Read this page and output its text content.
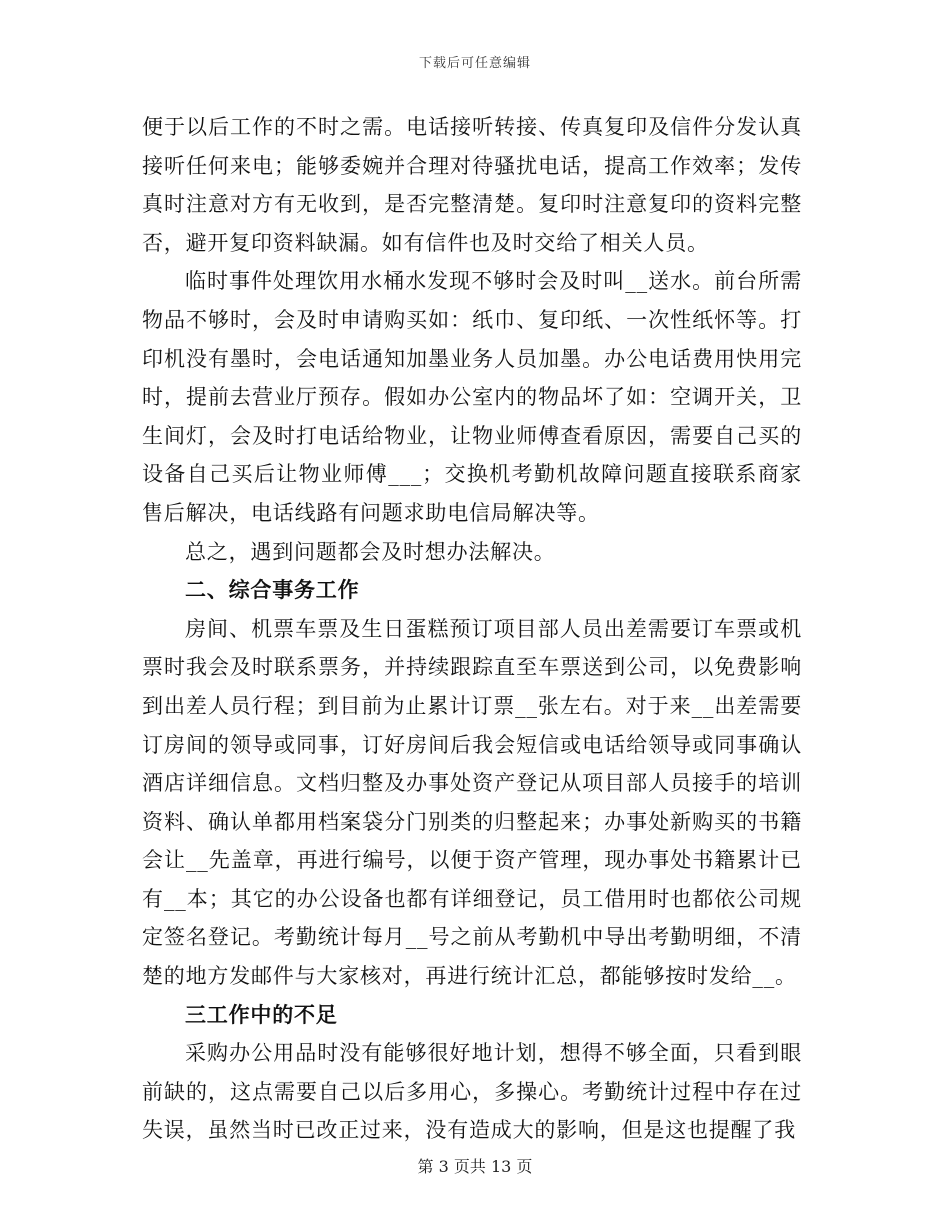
下载后可任意编辑

便于以后工作的不时之需。电话接听转接、传真复印及信件分发认真接听任何来电；能够委婉并合理对待骚扰电话，提高工作效率；发传真时注意对方有无收到，是否完整清楚。复印时注意复印的资料完整否，避开复印资料缺漏。如有信件也及时交给了相关人员。

临时事件处理饮用水桶水发现不够时会及时叫__送水。前台所需物品不够时，会及时申请购买如：纸巾、复印纸、一次性纸怀等。打印机没有墨时，会电话通知加墨业务人员加墨。办公电话费用快用完时，提前去营业厅预存。假如办公室内的物品坏了如：空调开关，卫生间灯，会及时打电话给物业，让物业师傅查看原因，需要自己买的设备自己买后让物业师傅___；交换机考勤机故障问题直接联系商家售后解决，电话线路有问题求助电信局解决等。

总之，遇到问题都会及时想办法解决。

二、综合事务工作

房间、机票车票及生日蛋糕预订项目部人员出差需要订车票或机票时我会及时联系票务，并持续跟踪直至车票送到公司，以免费影响到出差人员行程；到目前为止累计订票__张左右。对于来__出差需要订房间的领导或同事，订好房间后我会短信或电话给领导或同事确认酒店详细信息。文档归整及办事处资产登记从项目部人员接手的培训资料、确认单都用档案袋分门别类的归整起来；办事处新购买的书籍会让__先盖章，再进行编号，以便于资产管理，现办事处书籍累计已有__本；其它的办公设备也都有详细登记，员工借用时也都依公司规定签名登记。考勤统计每月__号之前从考勤机中导出考勤明细，不清楚的地方发邮件与大家核对，再进行统计汇总，都能够按时发给__。

三工作中的不足

采购办公用品时没有能够很好地计划，想得不够全面，只看到眼前缺的，这点需要自己以后多用心，多操心。考勤统计过程中存在过失误，虽然当时已改正过来，没有造成大的影响，但是这也提醒了我

第 3 页共 13 页
